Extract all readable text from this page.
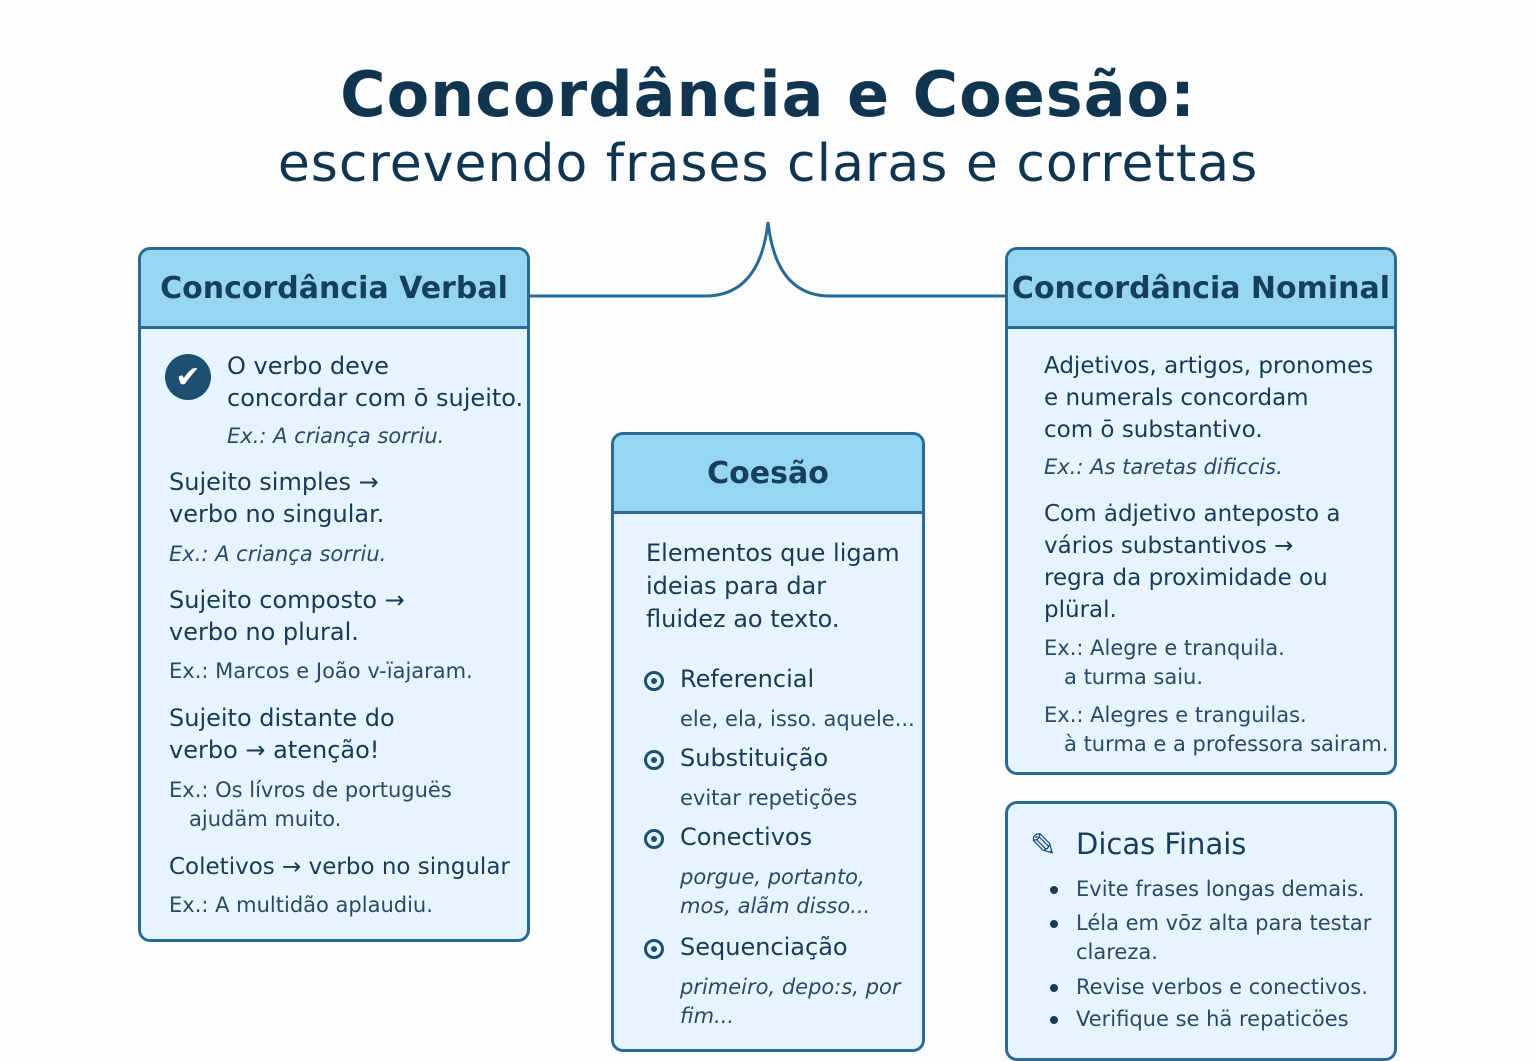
Concordância e Coesão:
escrevendo frases claras e correttas
Concordância Verbal
✔	O verbo deve
concordar com ō sujeito.
Ex.: A criança sorriu.
Sujeito simples →
verbo no singular.
Ex.: A criança sorriu.
Sujeito composto →
verbo no plural.
Ex.: Marcos e João v-ïajaram.
Sujeito distante do
verbo → atenção!
Ex.: Os lívros de portuguës
ajudäm muito.
Coletivos → verbo no singular
Ex.: A multidão aplaudiu.
Coesão
Elementos que ligam
ideias para dar
fluidez ao texto.
Referencial
ele, ela, isso. aquele...
Substituição
evitar repetições
Conectivos
porgue, portanto,
mos, alãm disso...
Sequenciação
primeiro, depo:s, por
fim...
Concordância Nominal
Adjetivos, artigos, pronomes
e numerals concordam
com ō substantivo.
Ex.: As taretas dificcis.
Com ȧdjetivo anteposto a
vários substantivos →
regra da proximidade ou
plüral.
Ex.: Alegre e tranquila.
a turma saiu.
Ex.: Alegres e tranguilas.
à turma e a professora sairam.
✎ Dicas Finais
Evite frases longas demais.
Léla em vōz alta para testar
clareza.
Revise verbos e conectivos.
Verifique se hä repaticöes
